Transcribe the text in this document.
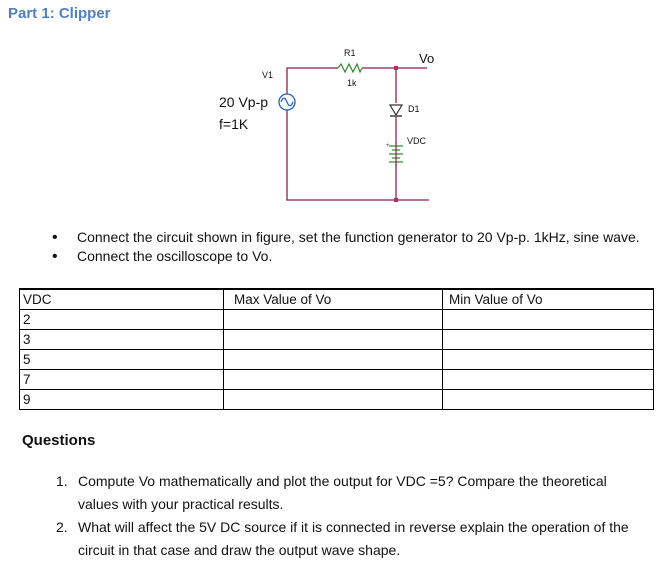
Part 1: Clipper
+
R1
1k
Vo
V1
20 Vp-p
f=1K
D1
VDC
• Connect the circuit shown in figure, set the function generator to 20 Vp-p. 1kHz, sine wave.
• Connect the oscilloscope to Vo.
VDC	Max Value of Vo	Min Value of Vo
2		
3		
5		
7		
9		
Questions
1. Compute Vo mathematically and plot the output for VDC =5? Compare the theoretical values with your practical results.
2. What will affect the 5V DC source if it is connected in reverse explain the operation of the circuit in that case and draw the output wave shape.
